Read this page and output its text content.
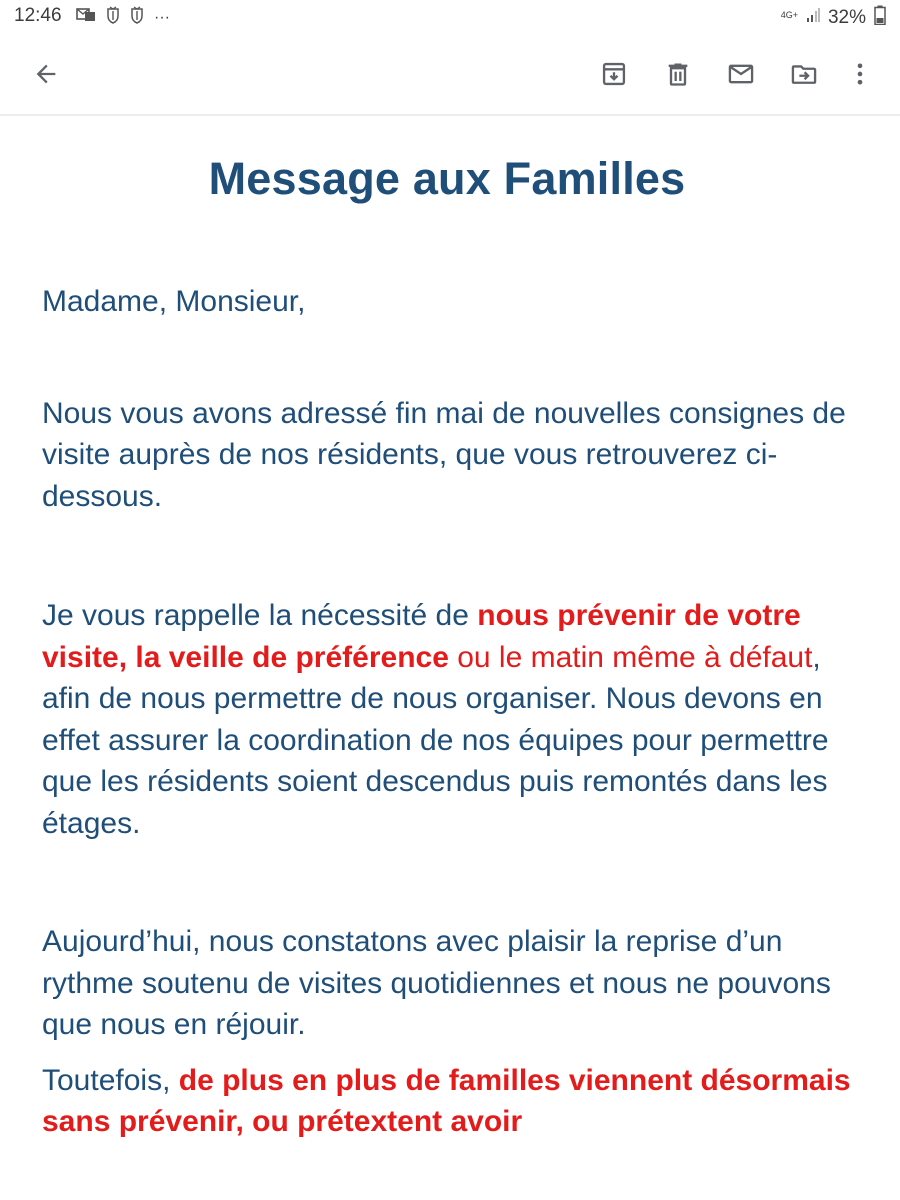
12:46	···	4G+ 32%
Message aux Familles

Madame, Monsieur,

Nous vous avons adressé fin mai de nouvelles consignes de visite auprès de nos résidents, que vous retrouverez ci-dessous.

Je vous rappelle la nécessité de nous prévenir de votre visite, la veille de préférence ou le matin même à défaut, afin de nous permettre de nous organiser. Nous devons en effet assurer la coordination de nos équipes pour permettre que les résidents soient descendus puis remontés dans les étages.

Aujourd’hui, nous constatons avec plaisir la reprise d’un rythme soutenu de visites quotidiennes et nous ne pouvons que nous en réjouir.

Toutefois, de plus en plus de familles viennent désormais sans prévenir, ou prétextent avoir
